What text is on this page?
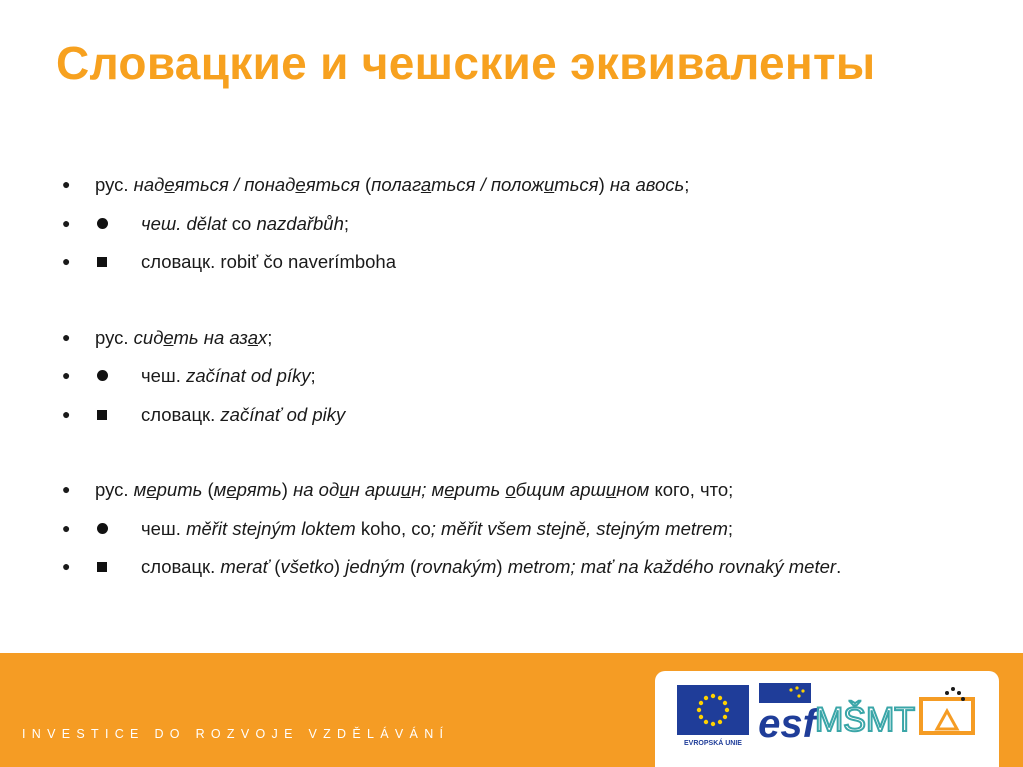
Словацкие и чешские эквиваленты
● рус. надеяться / понадеяться (полагаться / положиться) на авось;
●	чеш. dělat co nazdařbůh;
●	словацк. robiť čo naverímboha
● рус. сидеть на азах;
●	чеш. začínat od píky;
●	словацк. začínať od piky
● рус. мерить (мерять) на один аршин; мерить общим аршином кого, что;
●	чеш. měřit stejným loktem koho, co; měřit všem stejně, stejným metrem;
●	словацк. merať (všetko) jedným (rovnakým) metrom; mať na každého rovnaký meter.
INVESTICE DO ROZVOJE VZDĚLÁVÁNÍ
EVROPSKÁ UNIE esf MŠMT
